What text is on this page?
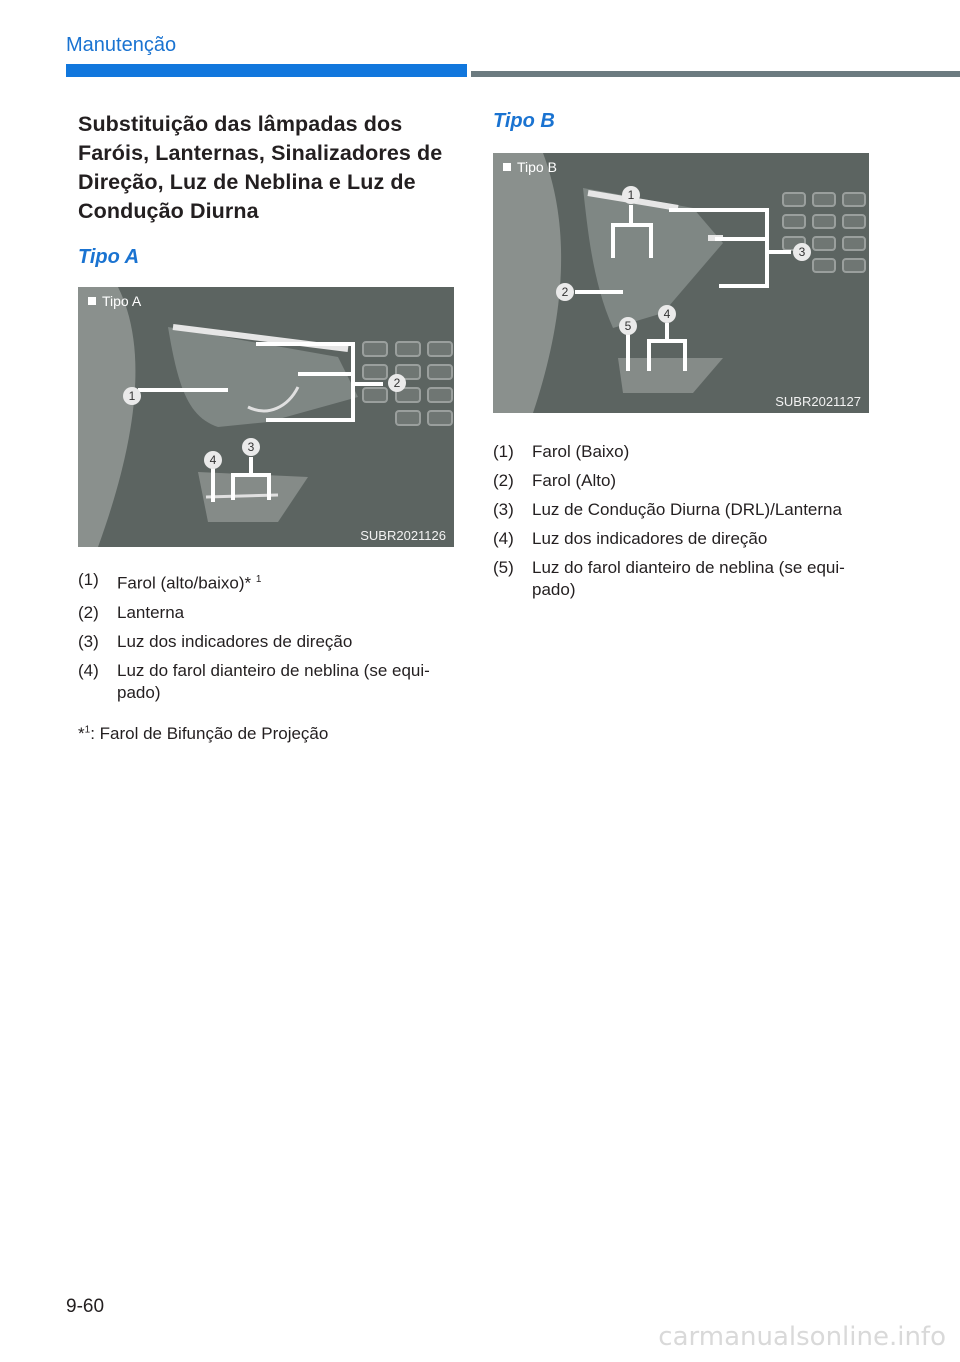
Manutenção
Substituição das lâmpadas dos Faróis, Lanternas, Sinalizadores de Direção, Luz de Neblina e Luz de Condução Diurna
Tipo A
1
2
3
4
Tipo A
SUBR2021126
(1)	Farol (alto/baixo)* $^1$
(2)	Lanterna
(3)	Luz dos indicadores de direção
(4)	Luz do farol dianteiro de neblina (se equi-pado)
*$^1$: Farol de Bifunção de Projeção
Tipo B
1
2
3
4
5
Tipo B
SUBR2021127
(1)	Farol (Baixo)
(2)	Farol (Alto)
(3)	Luz de Condução Diurna (DRL)/Lanterna
(4)	Luz dos indicadores de direção
(5)	Luz do farol dianteiro de neblina (se equi-pado)
9-60
carmanualsonline.info
